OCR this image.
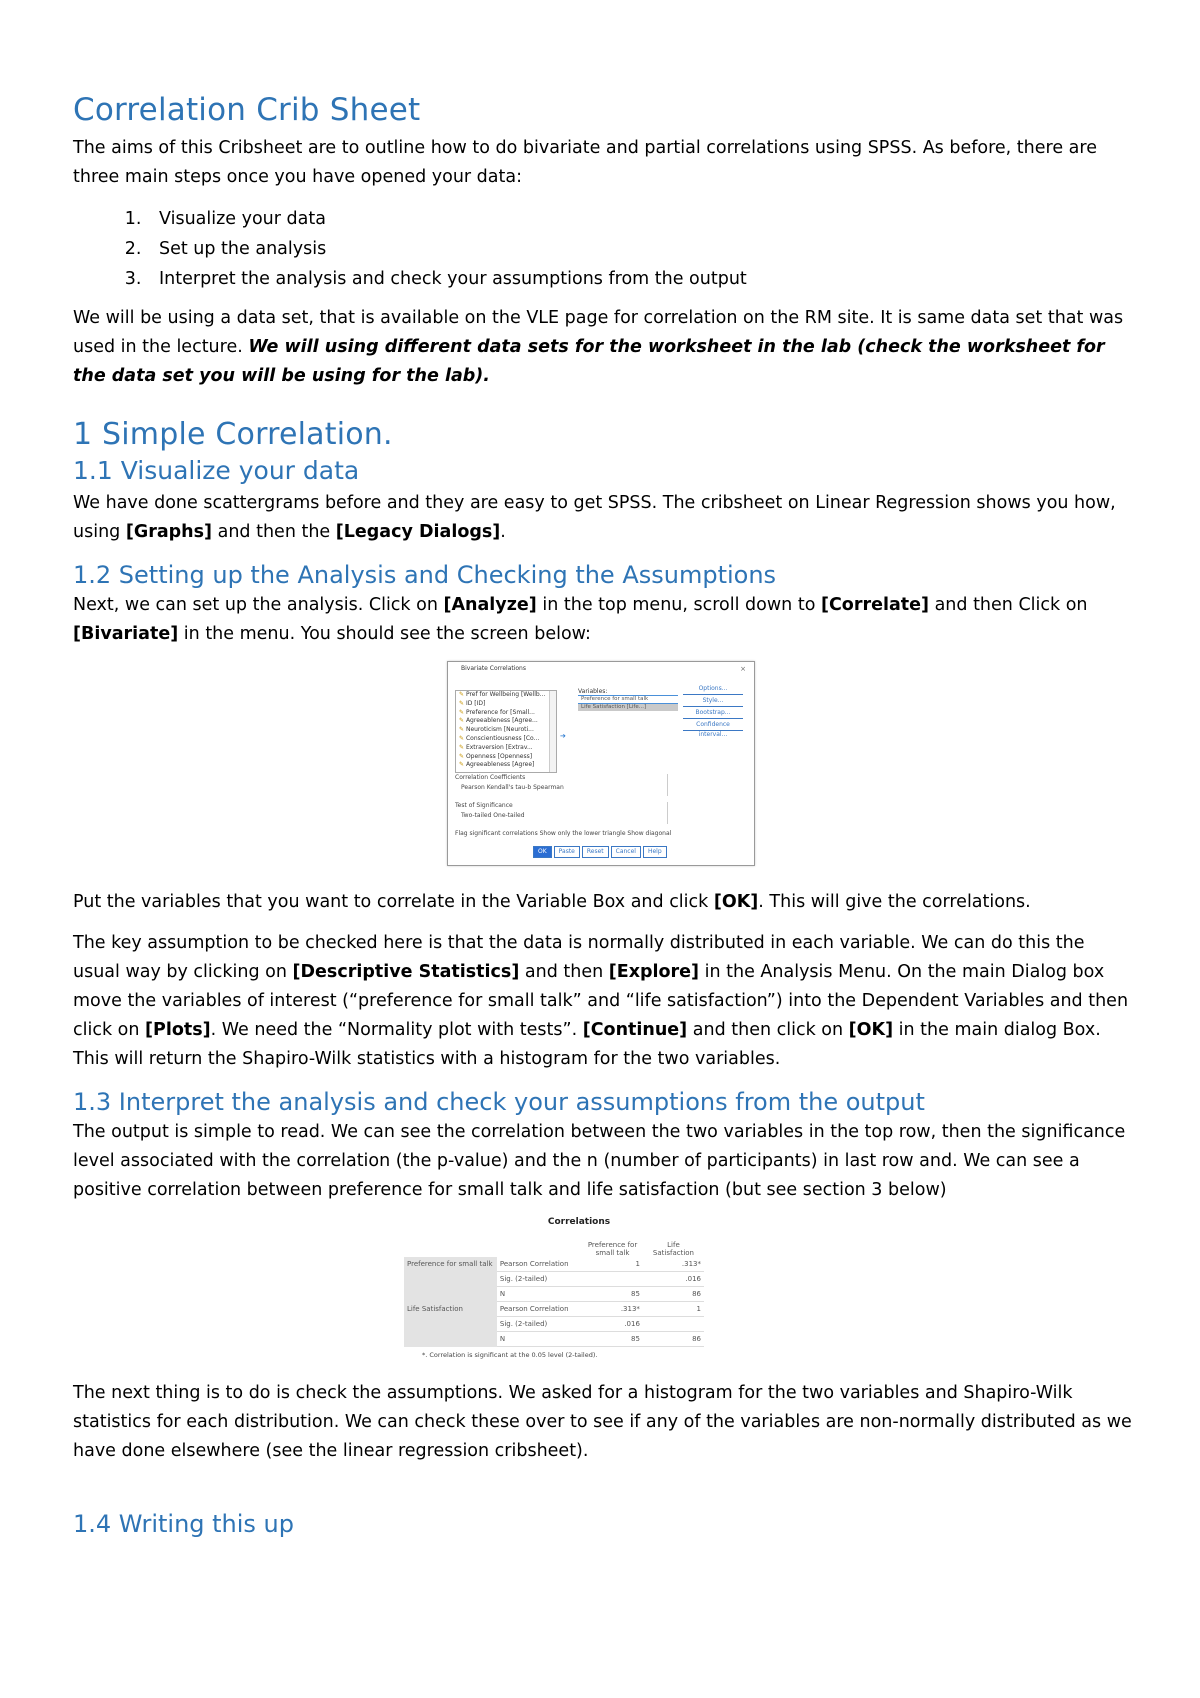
Correlation Crib Sheet

The aims of this Cribsheet are to outline how to do bivariate and partial correlations using SPSS. As before, there are three main steps once you have opened your data:

1. Visualize your data
2. Set up the analysis
3. Interpret the analysis and check your assumptions from the output

We will be using a data set, that is available on the VLE page for correlation on the RM site. It is same data set that was used in the lecture. We will using different data sets for the worksheet in the lab (check the worksheet for the data set you will be using for the lab).

1 Simple Correlation.
1.1 Visualize your data

We have done scattergrams before and they are easy to get SPSS. The cribsheet on Linear Regression shows you how, using [Graphs] and then the [Legacy Dialogs].

1.2 Setting up the Analysis and Checking the Assumptions

Next, we can set up the analysis. Click on [Analyze] in the top menu, scroll down to [Correlate] and then Click on [Bivariate] in the menu. You should see the screen below:

Bivariate Correlations	×
✎ Pref for Wellbeing [Wellb...
✎ ID [ID]
✎ Preference for [Small...
✎ Agreeableness [Agree...
✎ Neuroticism [Neuroti...
✎ Conscientiousness [Co...
✎ Extraversion [Extrav...
✎ Openness [Openness]
✎ Agreeableness [Agree]
➔
Variables:
Preference for small talk
Life Satisfaction [Life...]
Options...
Style...
Bootstrap...
Confidence interval...
Correlation Coefficients
Pearson Kendall's tau-b Spearman
Test of Significance
Two-tailed One-tailed
Flag significant correlations Show only the lower triangle Show diagonal
OK Paste Reset Cancel Help

Put the variables that you want to correlate in the Variable Box and click [OK]. This will give the correlations.

The key assumption to be checked here is that the data is normally distributed in each variable. We can do this the usual way by clicking on [Descriptive Statistics] and then [Explore] in the Analysis Menu. On the main Dialog box move the variables of interest (“preference for small talk” and “life satisfaction”) into the Dependent Variables and then click on [Plots]. We need the “Normality plot with tests”. [Continue] and then click on [OK] in the main dialog Box. This will return the Shapiro-Wilk statistics with a histogram for the two variables.

1.3 Interpret the analysis and check your assumptions from the output

The output is simple to read. We can see the correlation between the two variables in the top row, then the significance level associated with the correlation (the p-value) and the n (number of participants) in last row and. We can see a positive correlation between preference for small talk and life satisfaction (but see section 3 below)

Correlations
		Preference for small talk	Life Satisfaction
Preference for small talk	Pearson Correlation	1	.313*
	Sig. (2-tailed)		.016
	N	85	86
Life Satisfaction	Pearson Correlation	.313*	1
	Sig. (2-tailed)	.016	
	N	85	86
*. Correlation is significant at the 0.05 level (2-tailed).

The next thing is to do is check the assumptions. We asked for a histogram for the two variables and Shapiro-Wilk statistics for each distribution. We can check these over to see if any of the variables are non-normally distributed as we have done elsewhere (see the linear regression cribsheet).

1.4 Writing this up
